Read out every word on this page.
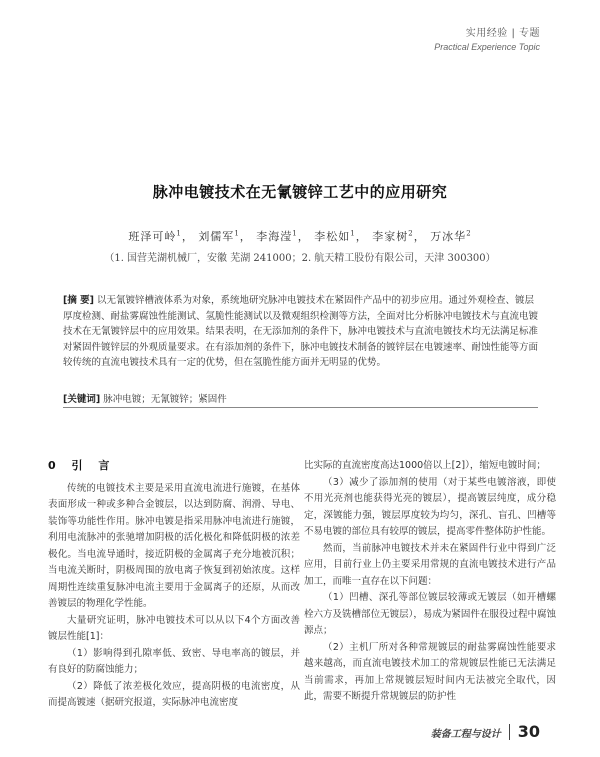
实用经验 | 专题
Practical Experience Topic
脉冲电镀技术在无氰镀锌工艺中的应用研究
班泽可岭$^1$， 刘儒军$^1$， 李海滢$^1$， 李松如$^1$， 李家树$^2$， 万冰华$^2$
（1. 国营芜湖机械厂，安徽 芜湖 241000；2. 航天精工股份有限公司，天津 300300）
[摘 要] 以无氰镀锌槽液体系为对象，系统地研究脉冲电镀技术在紧固件产品中的初步应用。通过外观检查、镀层厚度检测、耐盐雾腐蚀性能测试、氢脆性能测试以及微观组织检测等方法，全面对比分析脉冲电镀技术与直流电镀技术在无氰镀锌层中的应用效果。结果表明，在无添加剂的条件下，脉冲电镀技术与直流电镀技术均无法满足标准对紧固件镀锌层的外观质量要求。在有添加剂的条件下，脉冲电镀技术制备的镀锌层在电镀速率、耐蚀性能等方面较传统的直流电镀技术具有一定的优势，但在氢脆性能方面并无明显的优势。
[关键词] 脉冲电镀；无氰镀锌；紧固件
0 引 言

传统的电镀技术主要是采用直流电流进行施镀，在基体表面形成一种或多种合金镀层，以达到防腐、润滑、导电、装饰等功能性作用。脉冲电镀是指采用脉冲电流进行施镀，利用电流脉冲的张驰增加阴极的活化极化和降低阴极的浓差极化。当电流导通时，接近阴极的金属离子充分地被沉积；当电流关断时，阴极周围的放电离子恢复到初始浓度。这样周期性连续重复脉冲电流主要用于金属离子的还原，从而改善镀层的物理化学性能。

大量研究证明，脉冲电镀技术可以从以下4个方面改善镀层性能[1]：

（1）影响得到孔隙率低、致密、导电率高的镀层，并有良好的防腐蚀能力；

（2）降低了浓差极化效应，提高阴极的电流密度，从而提高镀速（据研究报道，实际脉冲电流密度

比实际的直流密度高达1000倍以上[2]），缩短电镀时间；

（3）减少了添加剂的使用（对于某些电镀溶液，即使不用光亮剂也能获得光亮的镀层），提高镀层纯度，成分稳定，深镀能力强，镀层厚度较为均匀，深孔、盲孔、凹槽等不易电镀的部位具有较厚的镀层，提高零件整体防护性能。

然而，当前脉冲电镀技术并未在紧固件行业中得到广泛应用，目前行业上仍主要采用常规的直流电镀技术进行产品加工，而唯一直存在以下问题：

（1）凹槽、深孔等部位镀层较薄或无镀层（如开槽螺栓六方及铣槽部位无镀层），易成为紧固件在服役过程中腐蚀源点；

（2）主机厂所对各种常规镀层的耐盐雾腐蚀性能要求越来越高，而直流电镀技术加工的常规镀层性能已无法满足当前需求，再加上常规镀层短时间内无法被完全取代，因此，需要不断提升常规镀层的防护性

装备工程与设计 30
